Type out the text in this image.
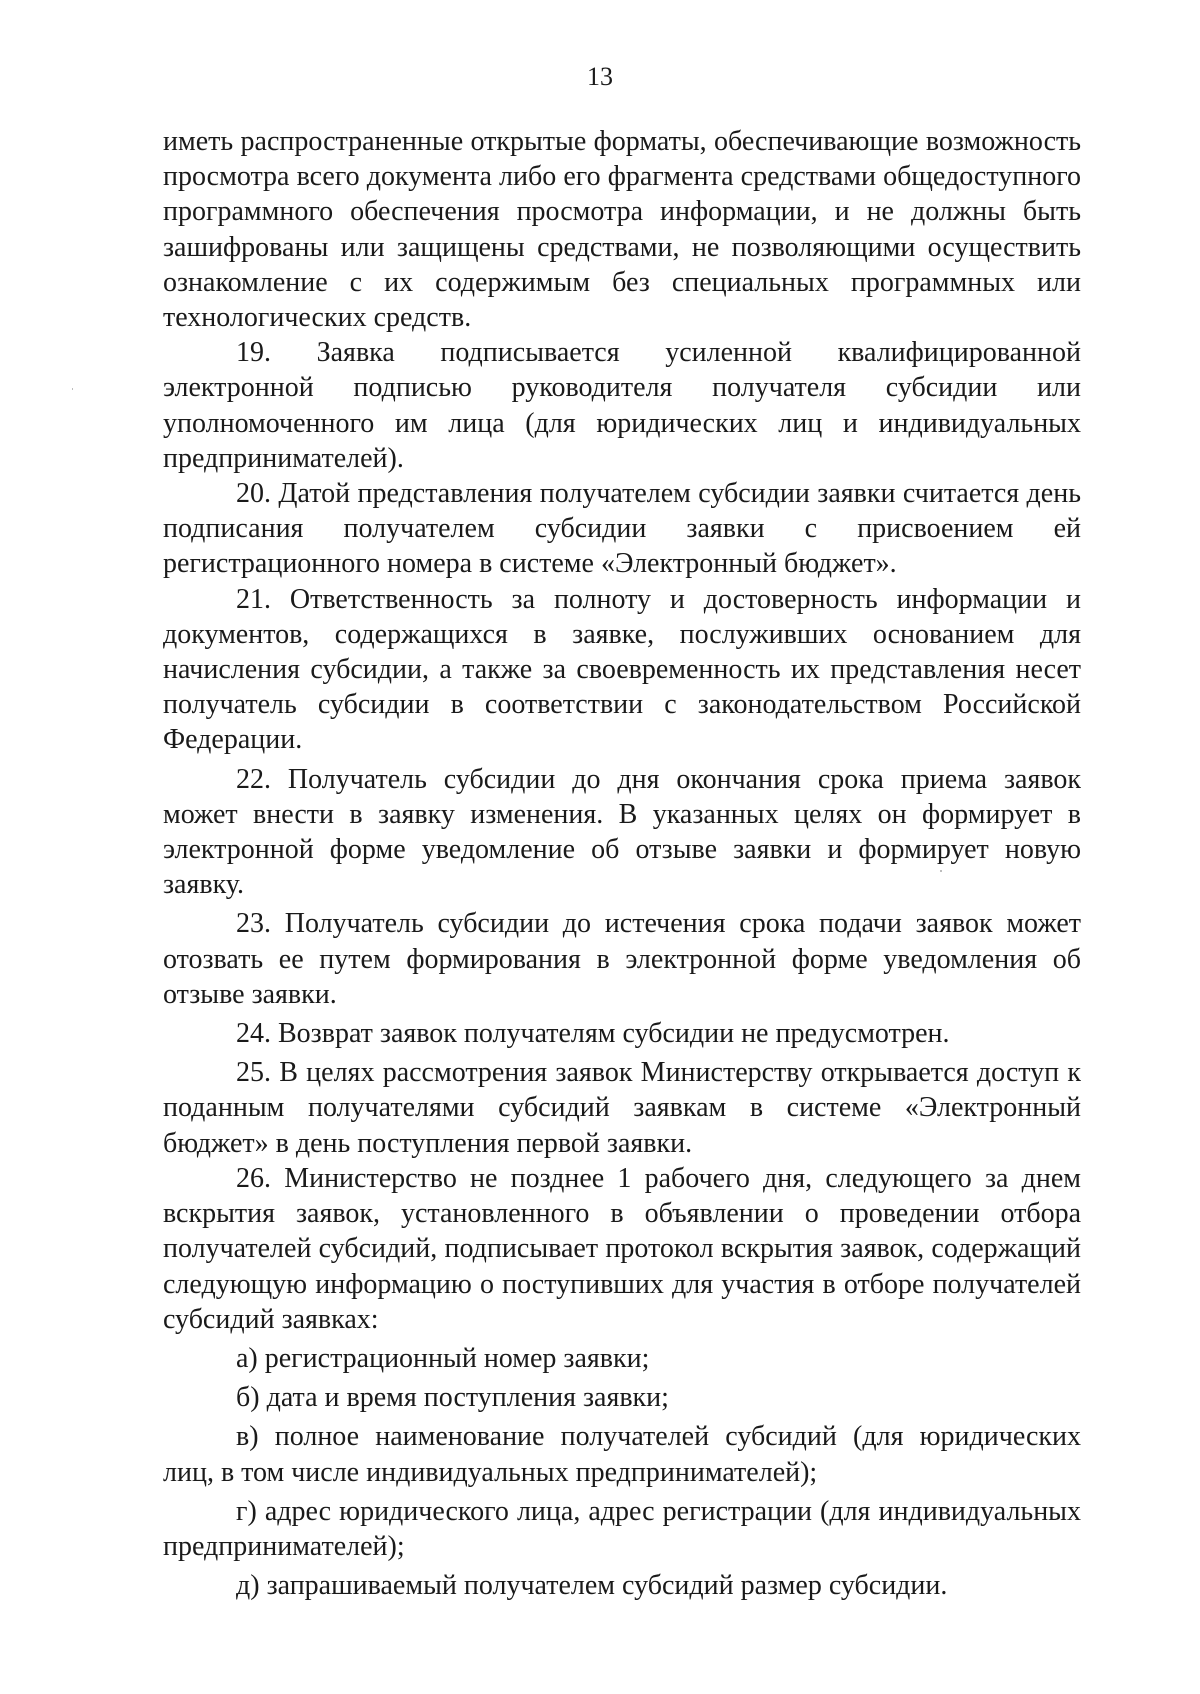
13

иметь распространенные открытые форматы, обеспечивающие возможность просмотра всего документа либо его фрагмента средствами общедоступного программного обеспечения просмотра информации, и не должны быть зашифрованы или защищены средствами, не позволяющими осуществить ознакомление с их содержимым без специальных программных или технологических средств.

19. Заявка подписывается усиленной квалифицированной электронной подписью руководителя получателя субсидии или уполномоченного им лица (для юридических лиц и индивидуальных предпринимателей).

20. Датой представления получателем субсидии заявки считается день подписания получателем субсидии заявки с присвоением ей регистрационного номера в системе «Электронный бюджет».

21. Ответственность за полноту и достоверность информации и документов, содержащихся в заявке, послуживших основанием для начисления субсидии, а также за своевременность их представления несет получатель субсидии в соответствии с законодательством Российской Федерации.

22. Получатель субсидии до дня окончания срока приема заявок может внести в заявку изменения. В указанных целях он формирует в электронной форме уведомление об отзыве заявки и формирует новую заявку.

23. Получатель субсидии до истечения срока подачи заявок может отозвать ее путем формирования в электронной форме уведомления об отзыве заявки.

24. Возврат заявок получателям субсидии не предусмотрен.

25. В целях рассмотрения заявок Министерству открывается доступ к поданным получателями субсидий заявкам в системе «Электронный бюджет» в день поступления первой заявки.

26. Министерство не позднее 1 рабочего дня, следующего за днем вскрытия заявок, установленного в объявлении о проведении отбора получателей субсидий, подписывает протокол вскрытия заявок, содержащий следующую информацию о поступивших для участия в отборе получателей субсидий заявках:

а) регистрационный номер заявки;

б) дата и время поступления заявки;

в) полное наименование получателей субсидий (для юридических лиц, в том числе индивидуальных предпринимателей);

г) адрес юридического лица, адрес регистрации (для индивидуальных предпринимателей);

д) запрашиваемый получателем субсидий размер субсидии.
